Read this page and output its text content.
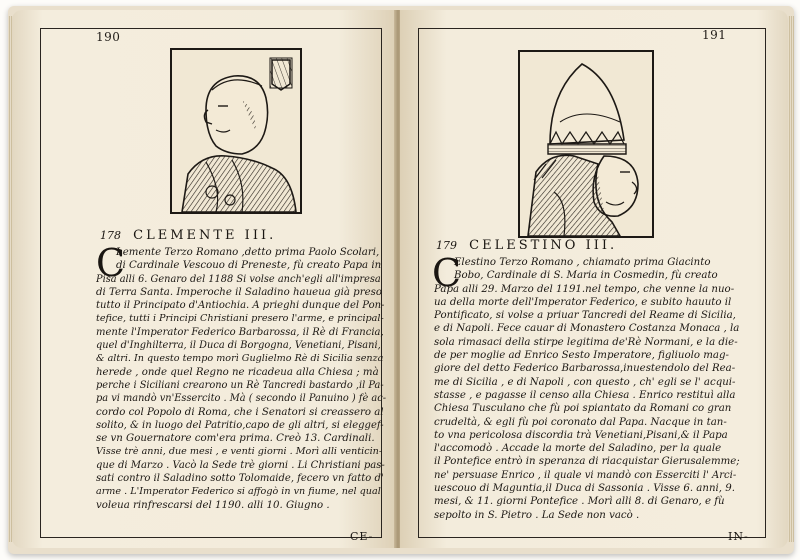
190
178 CLEMENTE III.
C
Lemente Terzo Romano ,detto prima Paolo Scolari,
di Cardinale Vescouo di Preneste, fù creato Papa in
Pisa alli 6. Genaro del 1188 Si volse anch'egli all'impresa
di Terra Santa. Imperoche il Saladino haueua già preso
tutto il Principato d'Antiochia. A prieghi dunque del Pon-
tefice, tutti i Principi Christiani presero l'arme, e principal-
mente l'Imperator Federico Barbarossa, il Rè di Francia,
quel d'Inghilterra, il Duca di Borgogna, Venetiani, Pisani,
& altri. In questo tempo morì Guglielmo Rè di Sicilia senza
herede , onde quel Regno ne ricadeua alla Chiesa ; mà
perche i Siciliani crearono un Rè Tancredi bastardo ,il Pa-
pa vi mandò vn'Essercito . Mà ( secondo il Panuino ) fè ac-
cordo col Popolo di Roma, che i Senatori si creassero al
solito, & in luogo del Patritio,capo de gli altri, si eleggef-
se vn Gouernatore com'era prima. Creò 13. Cardinali.
Visse trè anni, due mesi , e venti giorni . Morì alli venticin-
que di Marzo . Vacò la Sede trè giorni . Li Christiani pas-
sati contro il Saladino sotto Tolomaide, fecero vn fatto d'
arme . L'Imperator Federico si affogò in vn fiume, nel qual
voleua rinfrescarsi del 1190. alli 10. Giugno .
CE-
191
179 CELESTINO III.
C
Elestino Terzo Romano , chiamato prima Giacinto
Bobo, Cardinale di S. Maria in Cosmedin, fù creato
Papa alli 29. Marzo del 1191.nel tempo, che venne la nuo-
ua della morte dell'Imperator Federico, e subito hauuto il
Pontificato, si volse a priuar Tancredi del Reame di Sicilia,
e di Napoli. Fece cauar di Monastero Costanza Monaca , la
sola rimasaci della stirpe legitima de'Rè Normani, e la die-
de per moglie ad Enrico Sesto Imperatore, figliuolo mag-
giore del detto Federico Barbarossa,inuestendolo del Rea-
me di Sicilia , e di Napoli , con questo , ch' egli se l' acqui-
stasse , e pagasse il censo alla Chiesa . Enrico restituì alla
Chiesa Tusculano che fù poi spiantato da Romani co gran
crudeltà, & egli fù poi coronato dal Papa. Nacque in tan-
to vna pericolosa discordia trà Venetiani,Pisani,& il Papa
l'accomodò . Accade la morte del Saladino, per la quale
il Pontefice entrò in speranza di riacquistar Gierusalemme;
ne' persuase Enrico , il quale vi mandò con Esserciti l' Arci-
uescouo di Maguntia,il Duca di Sassonia . Visse 6. anni, 9.
mesi, & 11. giorni Pontefice . Morì alli 8. di Genaro, e fù
sepolto in S. Pietro . La Sede non vacò .
IN-
